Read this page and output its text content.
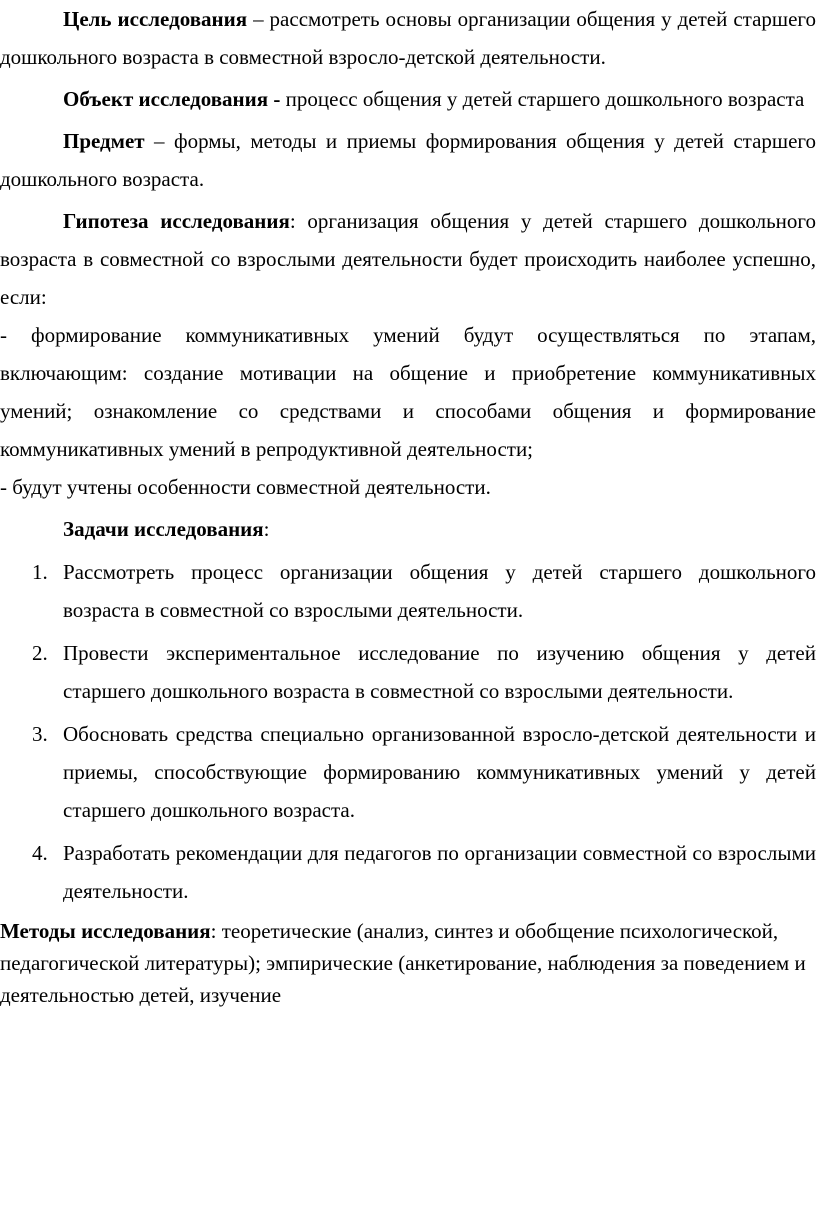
Цель исследования – рассмотреть основы организации общения у детей старшего дошкольного возраста в совместной взросло-детской деятельности.

Объект исследования - процесс общения у детей старшего дошкольного возраста

Предмет – формы, методы и приемы формирования общения у детей старшего дошкольного возраста.

Гипотеза исследования: организация общения у детей старшего дошкольного возраста в совместной со взрослыми деятельности будет происходить наиболее успешно, если:

- формирование коммуникативных умений будут осуществляться по этапам, включающим: создание мотивации на общение и приобретение коммуникативных умений; ознакомление со средствами и способами общения и формирование коммуникативных умений в репродуктивной деятельности;

- будут учтены особенности совместной деятельности.

Задачи исследования:

1. Рассмотреть процесс организации общения у детей старшего дошкольного возраста в совместной со взрослыми деятельности.
2. Провести экспериментальное исследование по изучению общения у детей старшего дошкольного возраста в совместной со взрослыми деятельности.
3. Обосновать средства специально организованной взросло-детской деятельности и приемы, способствующие формированию коммуникативных умений у детей старшего дошкольного возраста.
4. Разработать рекомендации для педагогов по организации совместной со взрослыми деятельности.

Методы исследования: теоретические (анализ, синтез и обобщение психологической, педагогической литературы); эмпирические (анкетирование, наблюдения за поведением и деятельностью детей, изучение
